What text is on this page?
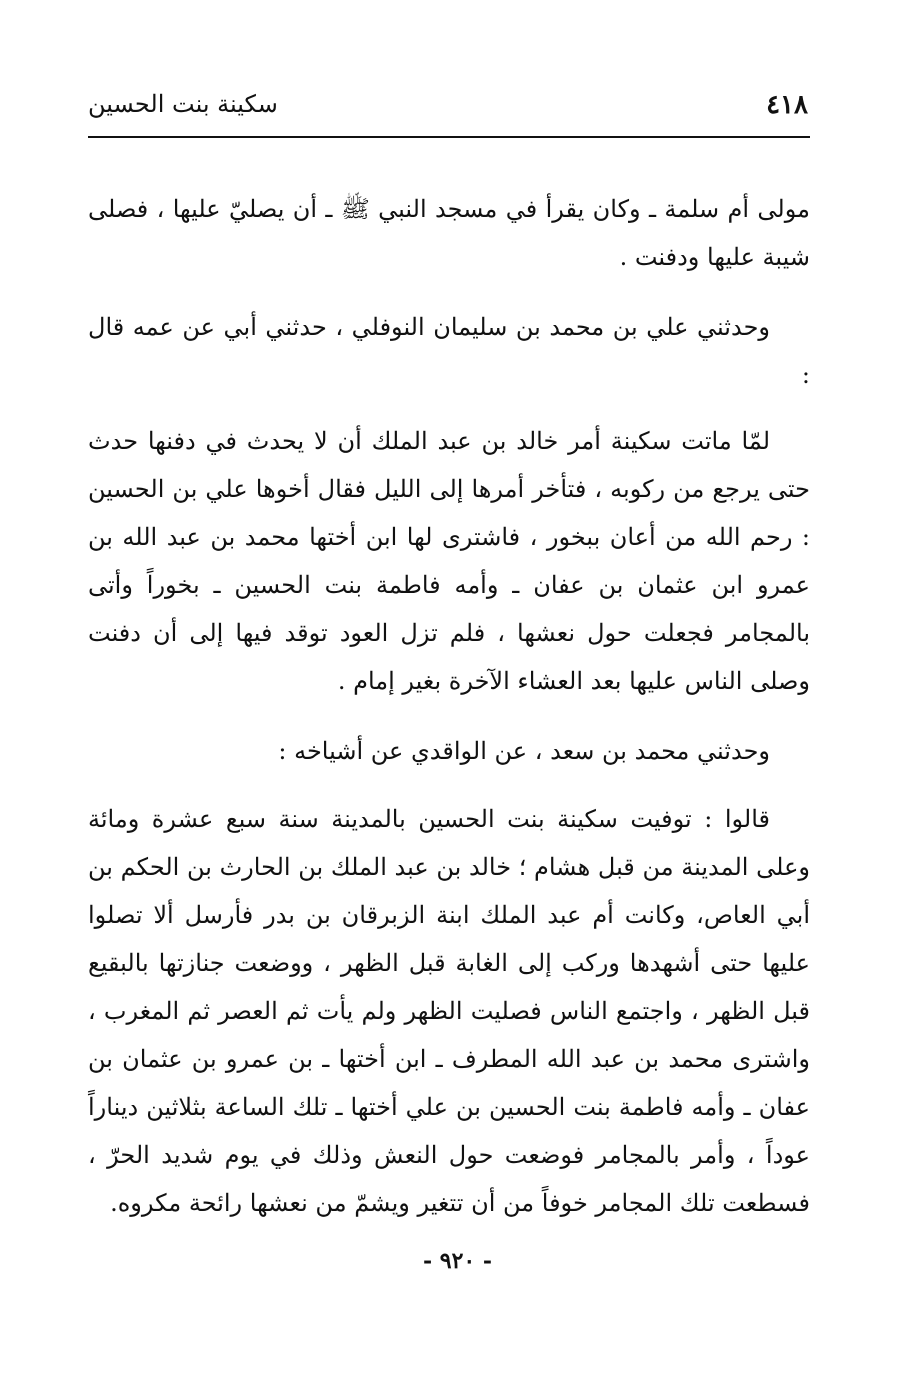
٤١٨
سكينة بنت الحسين

مولى أم سلمة ـ وكان يقرأ في مسجد النبي ﷺ ـ أن يصليّ عليها ، فصلى شيبة عليها ودفنت .

وحدثني علي بن محمد بن سليمان النوفلي ، حدثني أبي عن عمه قال :

لمّا ماتت سكينة أمر خالد بن عبد الملك أن لا يحدث في دفنها حدث حتى يرجع من ركوبه ، فتأخر أمرها إلى الليل فقال أخوها علي بن الحسين : رحم الله من أعان ببخور ، فاشترى لها ابن أختها محمد بن عبد الله بن عمرو ابن عثمان بن عفان ـ وأمه فاطمة بنت الحسين ـ بخوراً وأتى بالمجامر فجعلت حول نعشها ، فلم تزل العود توقد فيها إلى أن دفنت وصلى الناس عليها بعد العشاء الآخرة بغير إمام .

وحدثني محمد بن سعد ، عن الواقدي عن أشياخه :

قالوا : توفيت سكينة بنت الحسين بالمدينة سنة سبع عشرة ومائة وعلى المدينة من قبل هشام ؛ خالد بن عبد الملك بن الحارث بن الحكم بن أبي العاص، وكانت أم عبد الملك ابنة الزبرقان بن بدر فأرسل ألا تصلوا عليها حتى أشهدها وركب إلى الغابة قبل الظهر ، ووضعت جنازتها بالبقيع قبل الظهر ، واجتمع الناس فصليت الظهر ولم يأت ثم العصر ثم المغرب ، واشترى محمد بن عبد الله المطرف ـ ابن أختها ـ بن عمرو بن عثمان بن عفان ـ وأمه فاطمة بنت الحسين بن علي أختها ـ تلك الساعة بثلاثين ديناراً عوداً ، وأمر بالمجامر فوضعت حول النعش وذلك في يوم شديد الحرّ ، فسطعت تلك المجامر خوفاً من أن تتغير ويشمّ من نعشها رائحة مكروه.

- ٩٢٠ -
